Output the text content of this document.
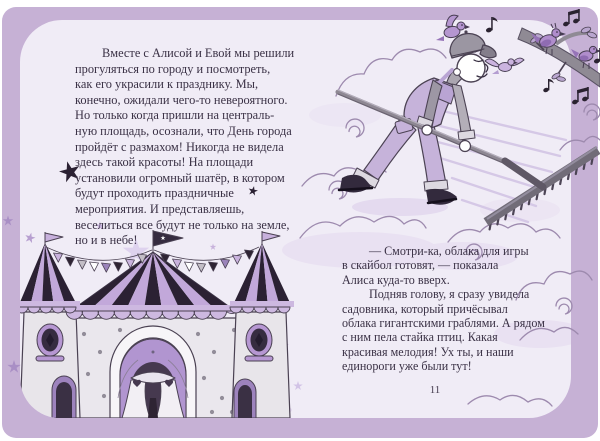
Вместе с Алисой и Евой мы решили
прогуляться по городу и посмотреть,
как его украсили к празднику. Мы,
конечно, ожидали чего-то невероятного.
Но только когда пришли на централь-
ную площадь, осознали, что День города
пройдёт с размахом! Никогда не видела
здесь такой красоты! На площади
установили огромный шатёр, в котором
будут проходить праздничные
мероприятия. И представляешь,
веселиться все будут не только на земле,
но и в небе!
— Смотри-ка, облака для игры
в скайбол готовят, — показала
Алиса куда-то вверх.
Подняв голову, я сразу увидела
садовника, который причёсывал
облака гигантскими граблями. А рядом
с ним пела стайка птиц. Какая
красивая мелодия! Ух ты, и наши
единороги уже были тут!
11
